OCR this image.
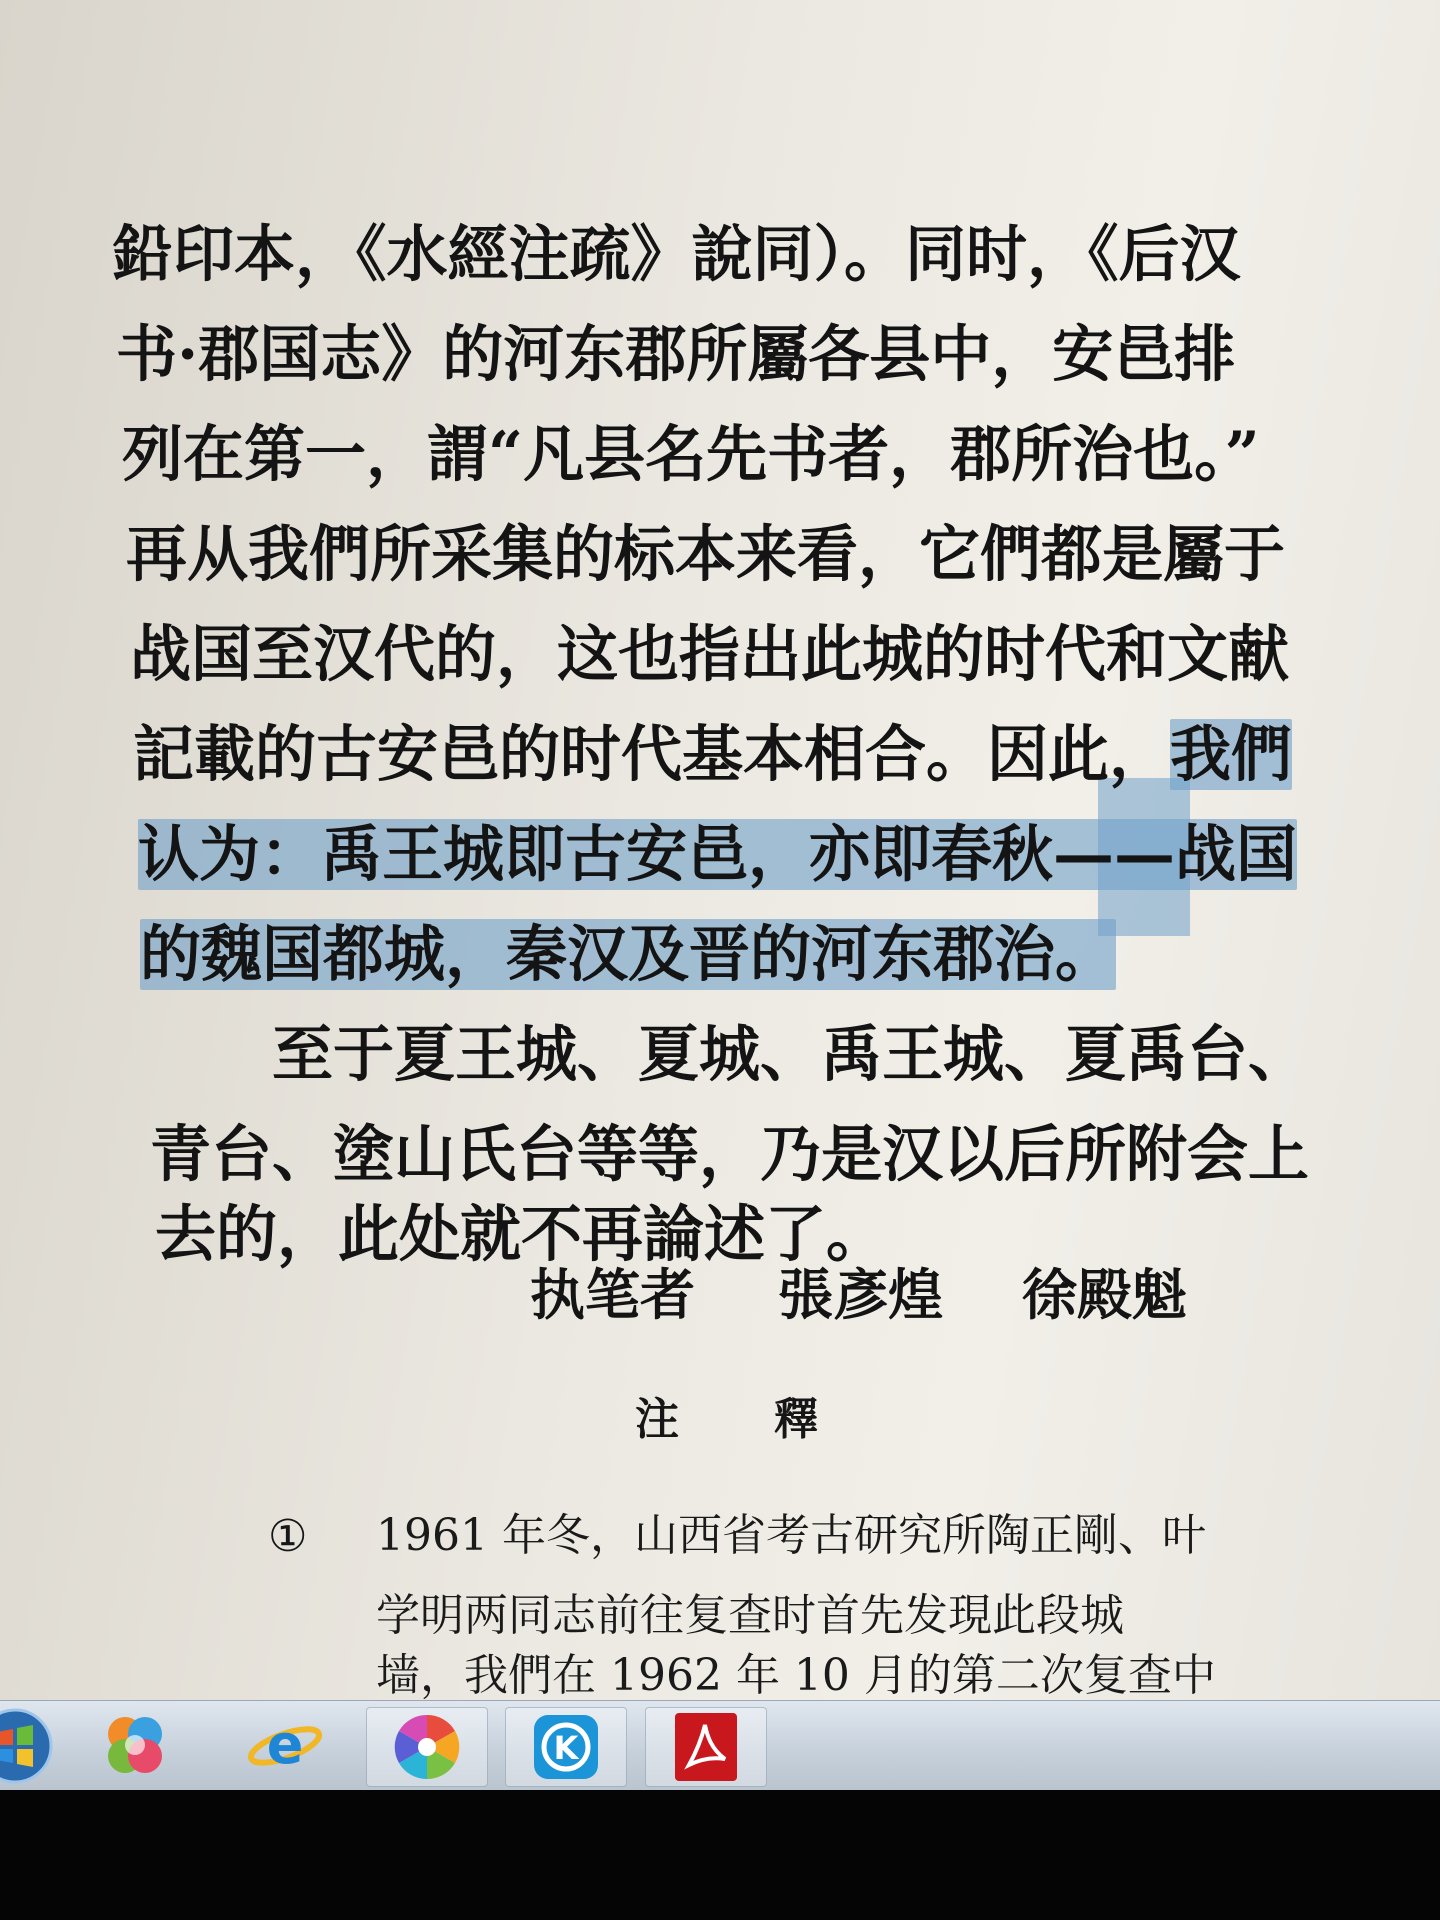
鉛印本，《水經注疏》說同）。同时，《后汉
书·郡国志》的河东郡所屬各县中，安邑排
列在第一，謂“凡县名先书者，郡所治也。”
再从我們所采集的标本来看，它們都是屬于
战国至汉代的，这也指出此城的时代和文献
記載的古安邑的时代基本相合。因此，我們
认为：禹王城即古安邑，亦即春秋——战国
的魏国都城，秦汉及晋的河东郡治。
至于夏王城、夏城、禹王城、夏禹台、
青台、塗山氏台等等，乃是汉以后所附会上
去的，此处就不再論述了。
执笔者 張彥煌 徐殿魁
注釋
① 1961 年冬，山西省考古研究所陶正剛、叶
学明两同志前往复查时首先发現此段城
墙，我們在 1962 年 10 月的第二次复查中
e	K
